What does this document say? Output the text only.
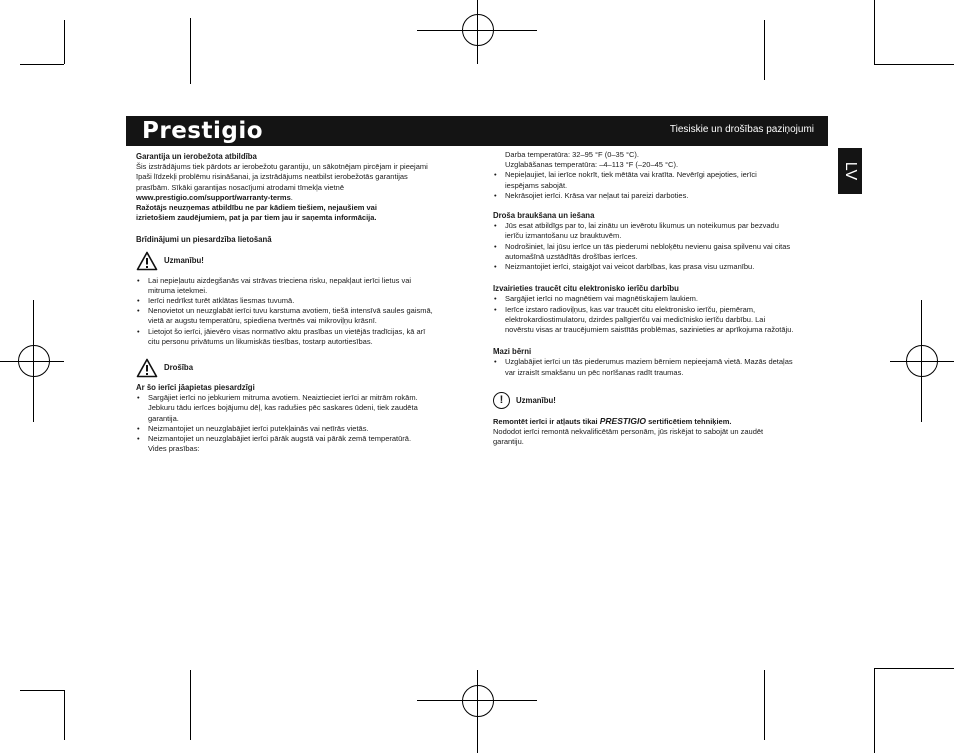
Prestigio	Tiesiskie un drošības paziņojumi
LV

Garantija un ierobežota atbildība

Šis izstrādājums tiek pārdots ar ierobežotu garantiju, un sākotnējam pircējam ir pieejami

īpaši līdzekļi problēmu risināšanai, ja izstrādājums neatbilst ierobežotās garantijas

prasībām. Sīkāki garantijas nosacījumi atrodami tīmekļa vietnē

www.prestigio.com/support/warranty-terms.

Ražotājs neuzņemas atbildību ne par kādiem tiešiem, nejaušiem vai

izrietošiem zaudējumiem, pat ja par tiem jau ir saņemta informācija.

Brīdinājumi un piesardzība lietošanā

Uzmanību!

• Lai nepieļautu aizdegšanās vai strāvas trieciena risku, nepakļaut ierīci lietus vai
mitruma ietekmei.
• Ierīci nedrīkst turēt atklātas liesmas tuvumā.
• Nenovietot un neuzglabāt ierīci tuvu karstuma avotiem, tiešā intensīvā saules gaismā,
vietā ar augstu temperatūru, spiediena tvertnēs vai mikroviļņu krāsnī.
• Lietojot šo ierīci, jāievēro visas normatīvo aktu prasības un vietējās tradīcijas, kā arī
citu personu privātums un likumiskās tiesības, tostarp autortiesības.

Drošība

Ar šo ierīci jāapietas piesardzīgi

• Sargājiet ierīci no jebkuriem mitruma avotiem. Neaiztieciet ierīci ar mitrām rokām.
Jebkuru tādu ierīces bojājumu dēļ, kas radušies pēc saskares ūdeni, tiek zaudēta
garantija.
• Neizmantojiet un neuzglabājiet ierīci putekļainās vai netīrās vietās.
• Neizmantojiet un neuzglabājiet ierīci pārāk augstā vai pārāk zemā temperatūrā.
Vides prasības:

Darba temperatūra: 32–95 °F (0–35 °C).

Uzglabāšanas temperatūra: –4–113 °F (–20–45 °C).

• Nepieļaujiet, lai ierīce nokrīt, tiek mētāta vai kratīta. Nevērīgi apejoties, ierīci
iespējams sabojāt.
• Nekrāsojiet ierīci. Krāsa var neļaut tai pareizi darboties.

Droša braukšana un iešana

• Jūs esat atbildīgs par to, lai zinātu un ievērotu likumus un noteikumus par bezvadu
ierīču izmantošanu uz brauktuvēm.
• Nodrošiniet, lai jūsu ierīce un tās piederumi nebloķētu nevienu gaisa spilvenu vai citas
automašīnā uzstādītās drošības ierīces.
• Neizmantojiet ierīci, staigājot vai veicot darbības, kas prasa visu uzmanību.

Izvairieties traucēt citu elektronisko ierīču darbību

• Sargājiet ierīci no magnētiem vai magnētiskajiem laukiem.
• Ierīce izstaro radioviļņus, kas var traucēt citu elektronisko ierīču, piemēram,
elektrokardiostimulatoru, dzirdes palīgierīču vai medicīnisko ierīču darbību. Lai
novērstu visas ar traucējumiem saistītās problēmas, sazinieties ar aprīkojuma ražotāju.

Mazi bērni

• Uzglabājiet ierīci un tās piederumus maziem bērniem nepieejamā vietā. Mazās detaļas
var izraisīt smakšanu un pēc norīšanas radīt traumas.
!	Uzmanību!

Remontēt ierīci ir atļauts tikai PRESTIGIO sertificētiem tehniķiem.

Nododot ierīci remontā nekvalificētām personām, jūs riskējat to sabojāt un zaudēt

garantiju.
